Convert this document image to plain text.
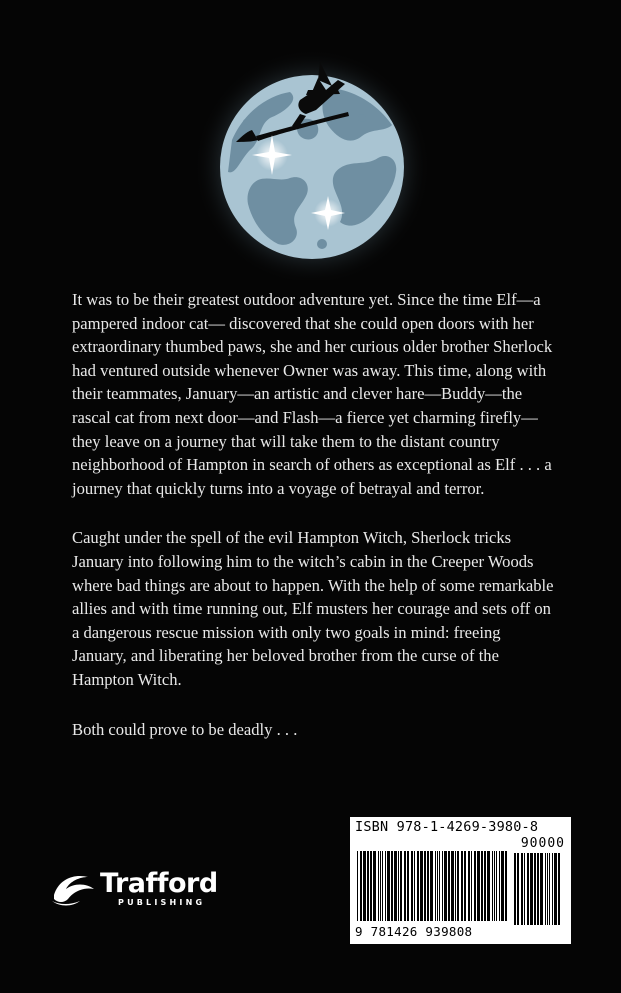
It was to be their greatest outdoor adventure yet. Since the time Elf—a pampered indoor cat— discovered that she could open doors with her extraordinary thumbed paws, she and her curious older brother Sherlock had ventured outside whenever Owner was away. This time, along with their teammates, January—an artistic and clever hare—Buddy—the rascal cat from next door—and Flash—a fierce yet charming firefly—they leave on a journey that will take them to the distant country neighborhood of Hampton in search of others as exceptional as Elf . . . a journey that quickly turns into a voyage of betrayal and terror.

Caught under the spell of the evil Hampton Witch, Sherlock tricks January into following him to the witch’s cabin in the Creeper Woods where bad things are about to happen. With the help of some remarkable allies and with time running out, Elf musters her courage and sets off on a dangerous rescue mission with only two goals in mind: freeing January, and liberating her beloved brother from the curse of the Hampton Witch.

Both could prove to be deadly . . .

Trafford
PUBLISHING
ISBN 978-1-4269-3980-8
90000
9 781426 939808
